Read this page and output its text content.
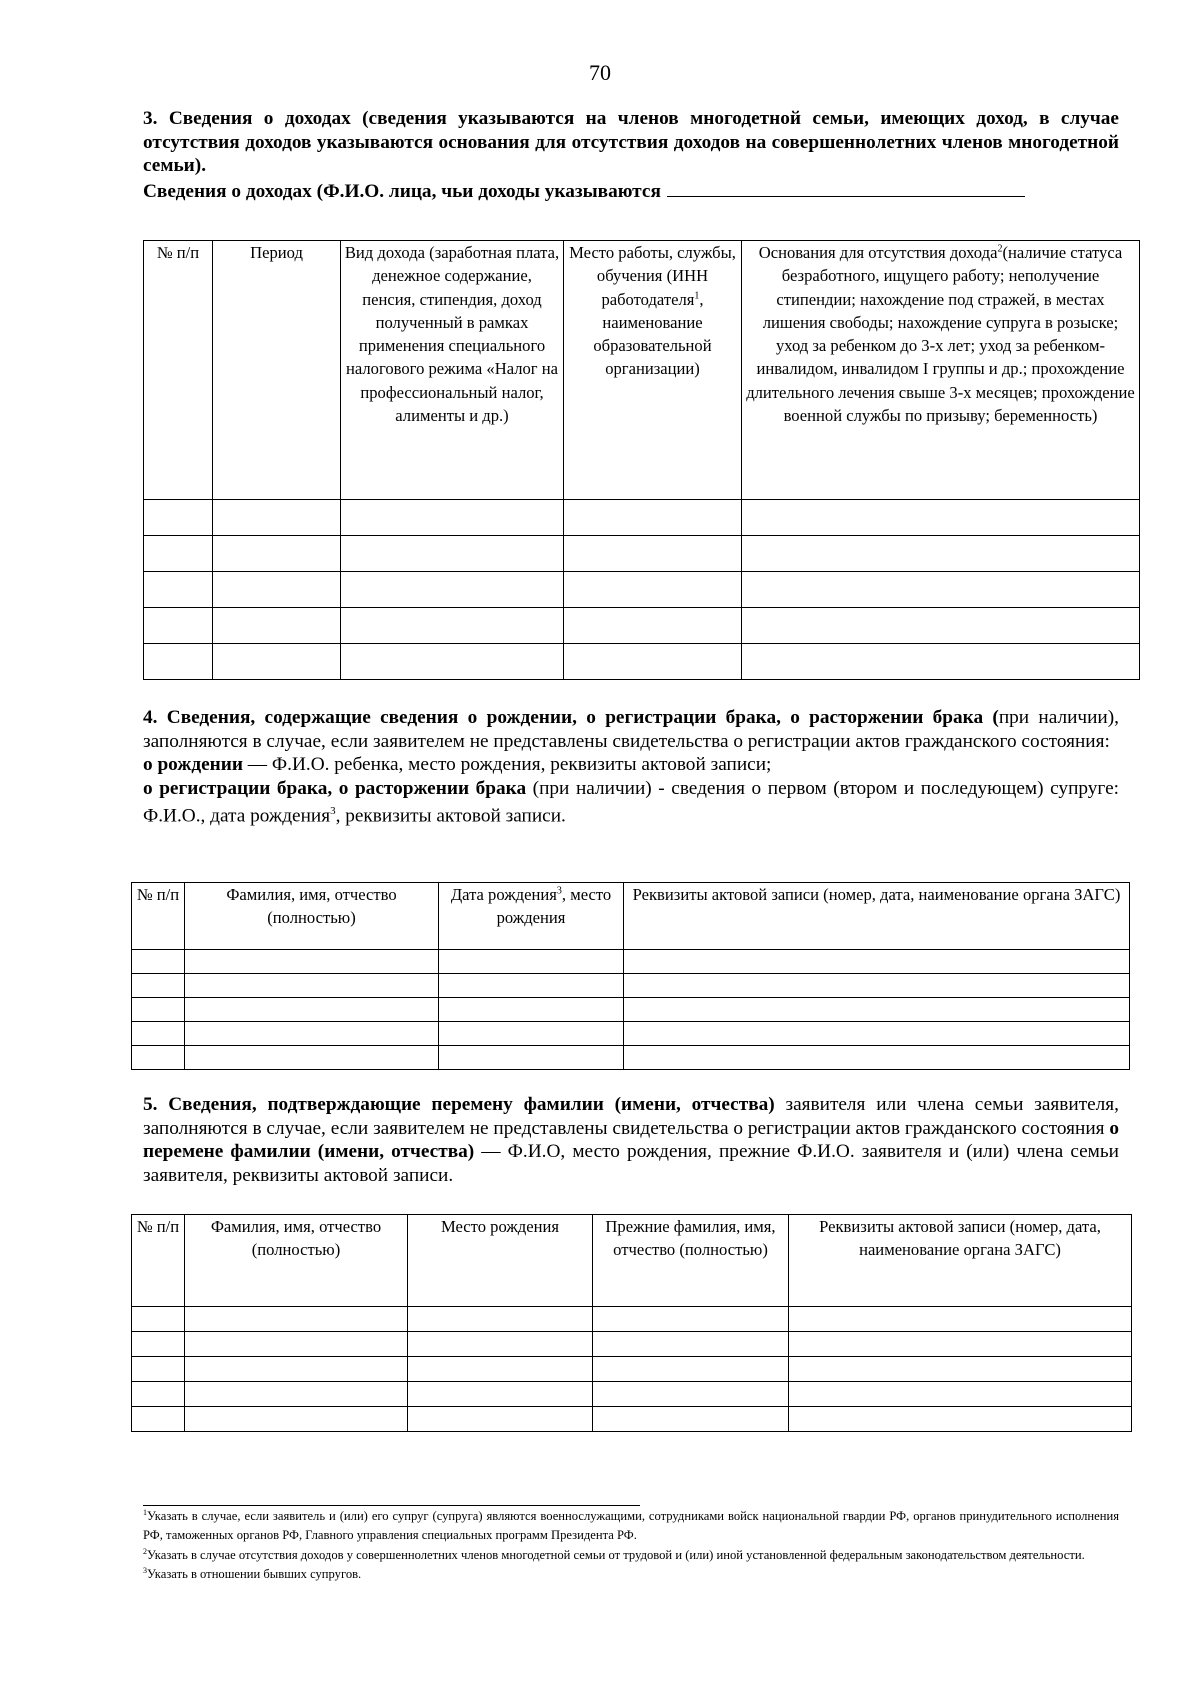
70

3. Сведения о доходах (сведения указываются на членов многодетной семьи, имеющих доход, в случае отсутствия доходов указываются основания для отсутствия доходов на совершеннолетних членов многодетной семьи).
Сведения о доходах (Ф.И.О. лица, чьи доходы указываются

№ п/п	Период	Вид дохода (заработная плата, денежное содержание, пенсия, стипендия, доход полученный в рамках применения специального налогового режима «Налог на профессиональный налог, алименты и др.)	Место работы, службы, обучения (ИНН работодателя$^1$, наименование образовательной организации)	Основания для отсутствия дохода$^2$(наличие статуса безработного, ищущего работу; неполучение стипендии; нахождение под стражей, в местах лишения свободы; нахождение супруга в розыске; уход за ребенком до 3-х лет; уход за ребенком-инвалидом, инвалидом I группы и др.; прохождение длительного лечения свыше 3-х месяцев; прохождение военной службы по призыву; беременность)

4. Сведения, содержащие сведения о рождении, о регистрации брака, о расторжении брака (при наличии), заполняются в случае, если заявителем не представлены свидетельства о регистрации актов гражданского состояния:
о рождении — Ф.И.О. ребенка, место рождения, реквизиты актовой записи;
о регистрации брака, о расторжении брака (при наличии) - сведения о первом (втором и последующем) супруге: Ф.И.О., дата рождения$^3$, реквизиты актовой записи.

№ п/п	Фамилия, имя, отчество (полностью)	Дата рождения$^3$, место рождения	Реквизиты актовой записи (номер, дата, наименование органа ЗАГС)

5. Сведения, подтверждающие перемену фамилии (имени, отчества) заявителя или члена семьи заявителя, заполняются в случае, если заявителем не представлены свидетельства о регистрации актов гражданского состояния о перемене фамилии (имени, отчества) — Ф.И.О, место рождения, прежние Ф.И.О. заявителя и (или) члена семьи заявителя, реквизиты актовой записи.

№ п/п	Фамилия, имя, отчество (полностью)	Место рождения	Прежние фамилия, имя, отчество (полностью)	Реквизиты актовой записи (номер, дата, наименование органа ЗАГС)

$^1$Указать в случае, если заявитель и (или) его супруг (супруга) являются военнослужащими, сотрудниками войск национальной гвардии РФ, органов принудительного исполнения РФ, таможенных органов РФ, Главного управления специальных программ Президента РФ.

$^2$Указать в случае отсутствия доходов у совершеннолетних членов многодетной семьи от трудовой и (или) иной установленной федеральным законодательством деятельности.

$^3$Указать в отношении бывших супругов.
